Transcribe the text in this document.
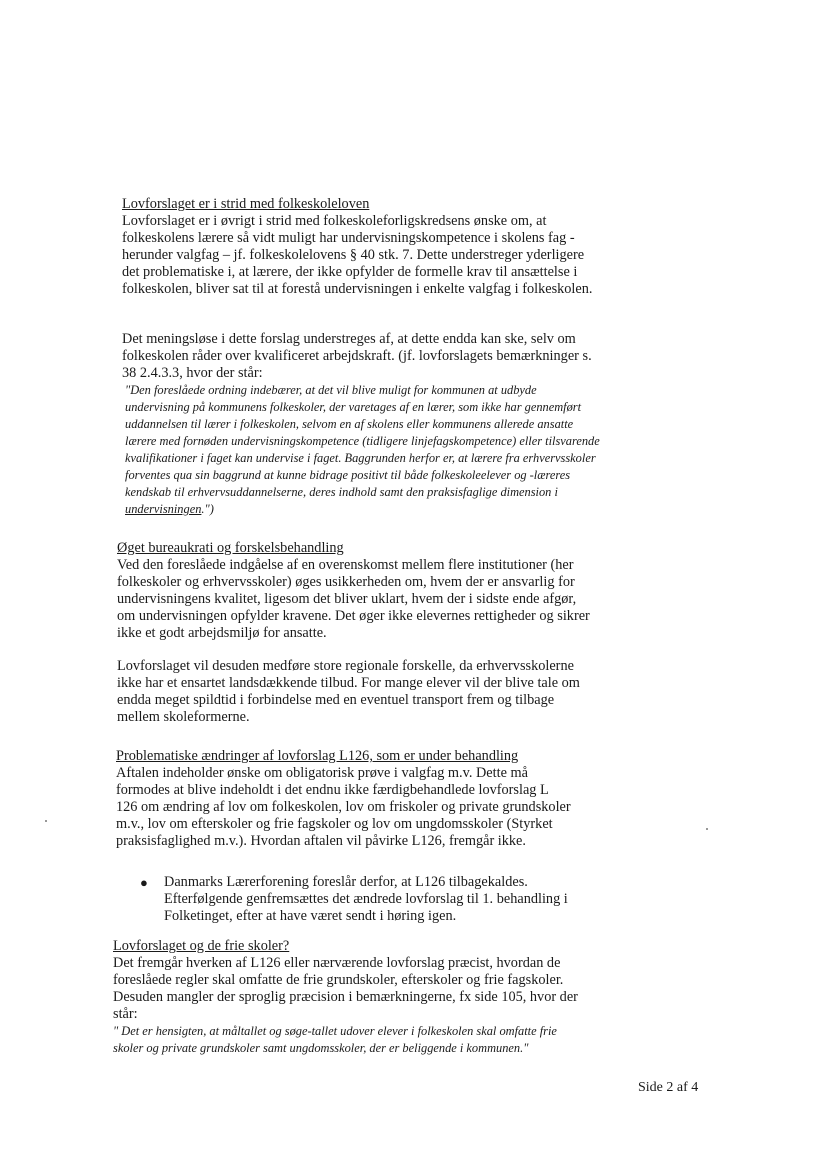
Lovforslaget er i strid med folkeskoleloven

Lovforslaget er i øvrigt i strid med folkeskoleforligskredsens ønske om, at folkeskolens lærere så vidt muligt har undervisningskompetence i skolens fag - herunder valgfag – jf. folkeskolelovens § 40 stk. 7. Dette understreger yderligere det problematiske i, at lærere, der ikke opfylder de formelle krav til ansættelse i folkeskolen, bliver sat til at forestå undervisningen i enkelte valgfag i folkeskolen.

Det meningsløse i dette forslag understreges af, at dette endda kan ske, selv om folkeskolen råder over kvalificeret arbejdskraft. (jf. lovforslagets bemærkninger s. 38 2.4.3.3, hvor der står:

"Den foreslåede ordning indebærer, at det vil blive muligt for kommunen at udbyde undervisning på kommunens folkeskoler, der varetages af en lærer, som ikke har gennemført uddannelsen til lærer i folkeskolen, selvom en af skolens eller kommunens allerede ansatte lærere med fornøden undervisningskompetence (tidligere linjefagskompetence) eller tilsvarende kvalifikationer i faget kan undervise i faget. Baggrunden herfor er, at lærere fra erhvervsskoler forventes qua sin baggrund at kunne bidrage positivt til både folkeskoleelever og -læreres kendskab til erhvervsuddannelserne, deres indhold samt den praksisfaglige dimension i undervisningen.")

Øget bureaukrati og forskelsbehandling

Ved den foreslåede indgåelse af en overenskomst mellem flere institutioner (her folkeskoler og erhvervsskoler) øges usikkerheden om, hvem der er ansvarlig for undervisningens kvalitet, ligesom det bliver uklart, hvem der i sidste ende afgør, om undervisningen opfylder kravene. Det øger ikke elevernes rettigheder og sikrer ikke et godt arbejdsmiljø for ansatte.

Lovforslaget vil desuden medføre store regionale forskelle, da erhvervsskolerne ikke har et ensartet landsdækkende tilbud. For mange elever vil der blive tale om endda meget spildtid i forbindelse med en eventuel transport frem og tilbage mellem skoleformerne.

Problematiske ændringer af lovforslag L126, som er under behandling

Aftalen indeholder ønske om obligatorisk prøve i valgfag m.v. Dette må formodes at blive indeholdt i det endnu ikke færdigbehandlede lovforslag L 126 om ændring af lov om folkeskolen, lov om friskoler og private grundskoler m.v., lov om efterskoler og frie fagskoler og lov om ungdomsskoler (Styrket praksisfaglighed m.v.). Hvordan aftalen vil påvirke L126, fremgår ikke.

● Danmarks Lærerforening foreslår derfor, at L126 tilbagekaldes. Efterfølgende genfremsættes det ændrede lovforslag til 1. behandling i Folketinget, efter at have været sendt i høring igen.

Lovforslaget og de frie skoler?

Det fremgår hverken af L126 eller nærværende lovforslag præcist, hvordan de foreslåede regler skal omfatte de frie grundskoler, efterskoler og frie fagskoler. Desuden mangler der sproglig præcision i bemærkningerne, fx side 105, hvor der står:

" Det er hensigten, at måltallet og søge-tallet udover elever i folkeskolen skal omfatte frie skoler og private grundskoler samt ungdomsskoler, der er beliggende i kommunen."

Side 2 af 4
